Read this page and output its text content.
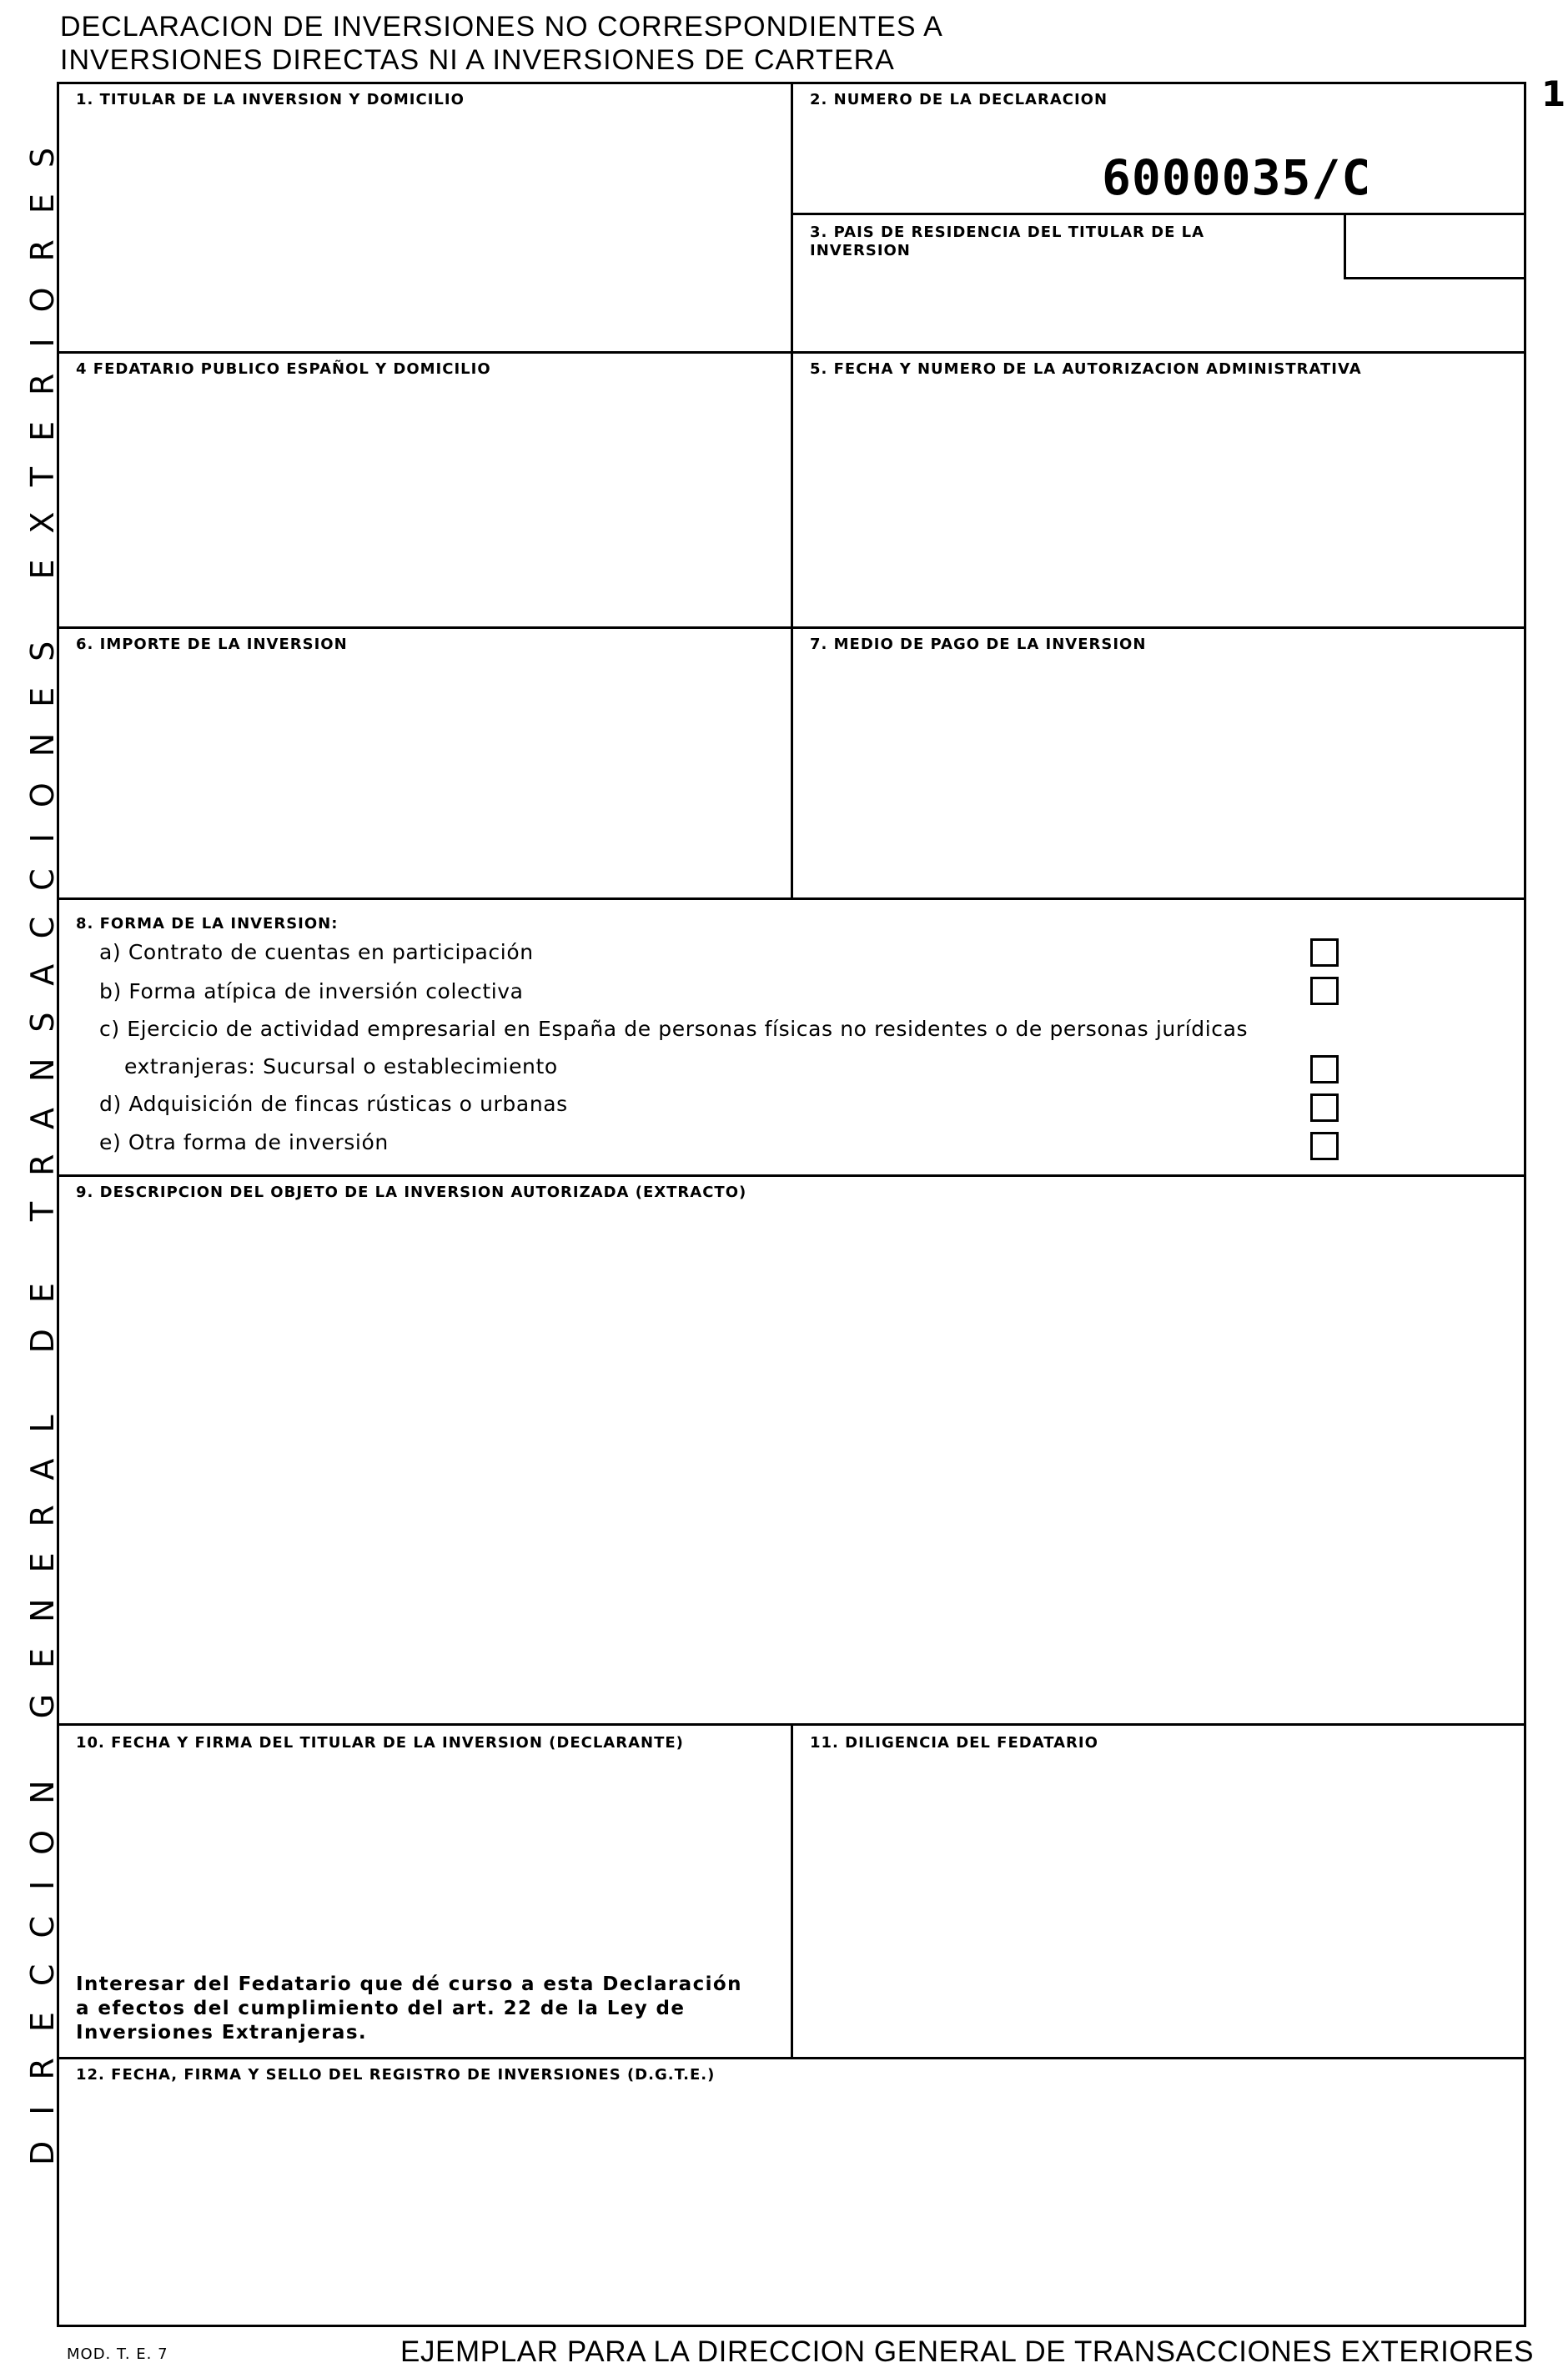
DECLARACION DE INVERSIONES NO CORRESPONDIENTES A
INVERSIONES DIRECTAS NI A INVERSIONES DE CARTERA
1
DIRECCION GENERAL DE TRANSACCIONES EXTERIORES
1. TITULAR DE LA INVERSION Y DOMICILIO	2. NUMERO DE LA DECLARACION
6000035/C
3. PAIS DE RESIDENCIA DEL TITULAR DE LA INVERSION
4 FEDATARIO PUBLICO ESPAÑOL Y DOMICILIO	5. FECHA Y NUMERO DE LA AUTORIZACION ADMINISTRATIVA
6. IMPORTE DE LA INVERSION	7. MEDIO DE PAGO DE LA INVERSION
8. FORMA DE LA INVERSION:
a) Contrato de cuentas en participación
b) Forma atípica de inversión colectiva
c) Ejercicio de actividad empresarial en España de personas físicas no residentes o de personas jurídicas
extranjeras: Sucursal o establecimiento
d) Adquisición de fincas rústicas o urbanas
e) Otra forma de inversión
9. DESCRIPCION DEL OBJETO DE LA INVERSION AUTORIZADA (EXTRACTO)
10. FECHA Y FIRMA DEL TITULAR DE LA INVERSION (DECLARANTE)
Interesar del Fedatario que dé curso a esta Declaración a efectos del cumplimiento del art. 22 de la Ley de Inversiones Extranjeras.
11. DILIGENCIA DEL FEDATARIO
12. FECHA, FIRMA Y SELLO DEL REGISTRO DE INVERSIONES (D.G.T.E.)
MOD. T. E. 7	EJEMPLAR PARA LA DIRECCION GENERAL DE TRANSACCIONES EXTERIORES
